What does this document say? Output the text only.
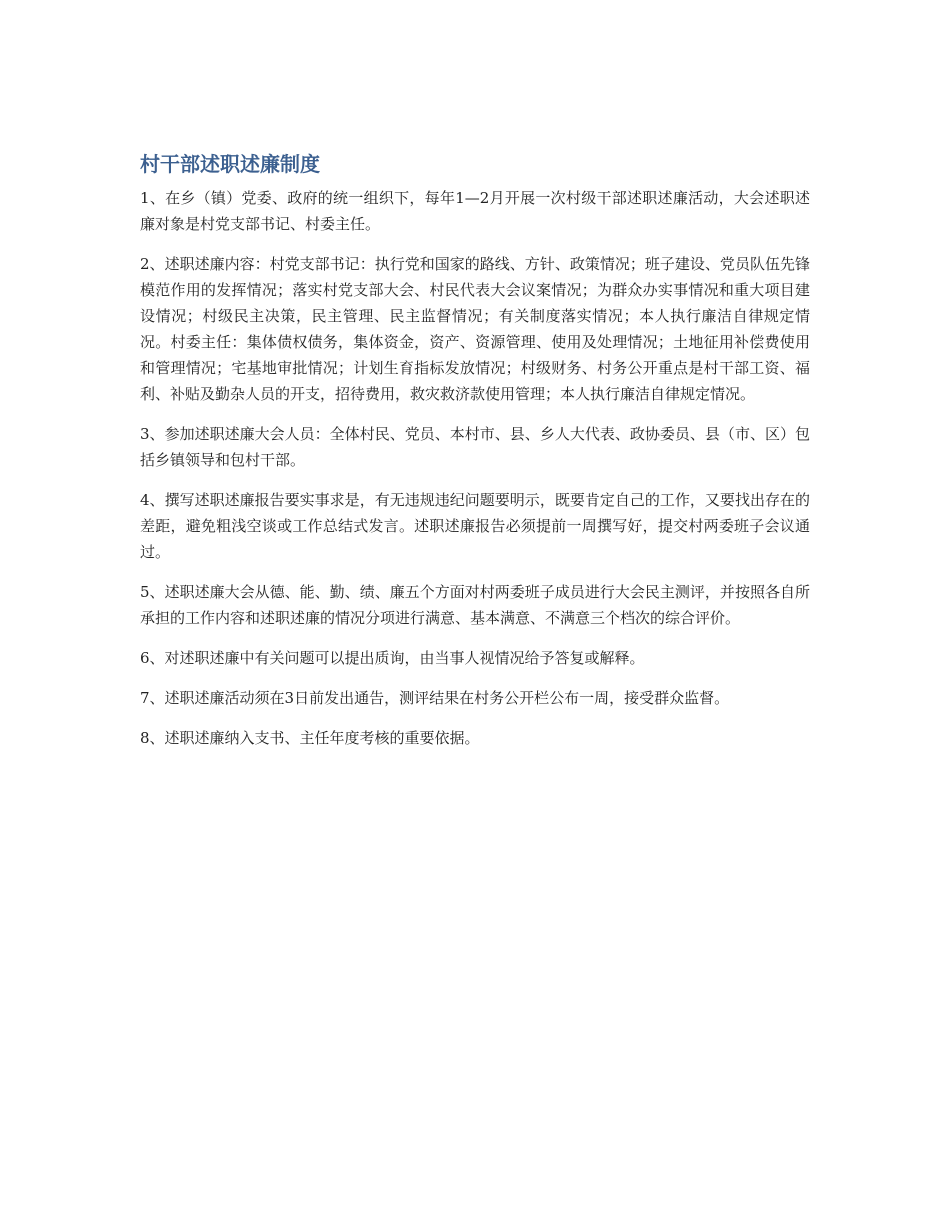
村干部述职述廉制度

1、在乡（镇）党委、政府的统一组织下，每年1—2月开展一次村级干部述职述廉活动，大会述职述廉对象是村党支部书记、村委主任。

2、述职述廉内容：村党支部书记：执行党和国家的路线、方针、政策情况；班子建设、党员队伍先锋模范作用的发挥情况；落实村党支部大会、村民代表大会议案情况；为群众办实事情况和重大项目建设情况；村级民主决策，民主管理、民主监督情况；有关制度落实情况；本人执行廉洁自律规定情况。村委主任：集体债权债务，集体资金，资产、资源管理、使用及处理情况；土地征用补偿费使用和管理情况；宅基地审批情况；计划生育指标发放情况；村级财务、村务公开重点是村干部工资、福利、补贴及勤杂人员的开支，招待费用，救灾救济款使用管理；本人执行廉洁自律规定情况。

3、参加述职述廉大会人员：全体村民、党员、本村市、县、乡人大代表、政协委员、县（市、区）包括乡镇领导和包村干部。

4、撰写述职述廉报告要实事求是，有无违规违纪问题要明示，既要肯定自己的工作，又要找出存在的差距，避免粗浅空谈或工作总结式发言。述职述廉报告必须提前一周撰写好，提交村两委班子会议通过。

5、述职述廉大会从德、能、勤、绩、廉五个方面对村两委班子成员进行大会民主测评，并按照各自所承担的工作内容和述职述廉的情况分项进行满意、基本满意、不满意三个档次的综合评价。

6、对述职述廉中有关问题可以提出质询，由当事人视情况给予答复或解释。

7、述职述廉活动须在3日前发出通告，测评结果在村务公开栏公布一周，接受群众监督。

8、述职述廉纳入支书、主任年度考核的重要依据。
